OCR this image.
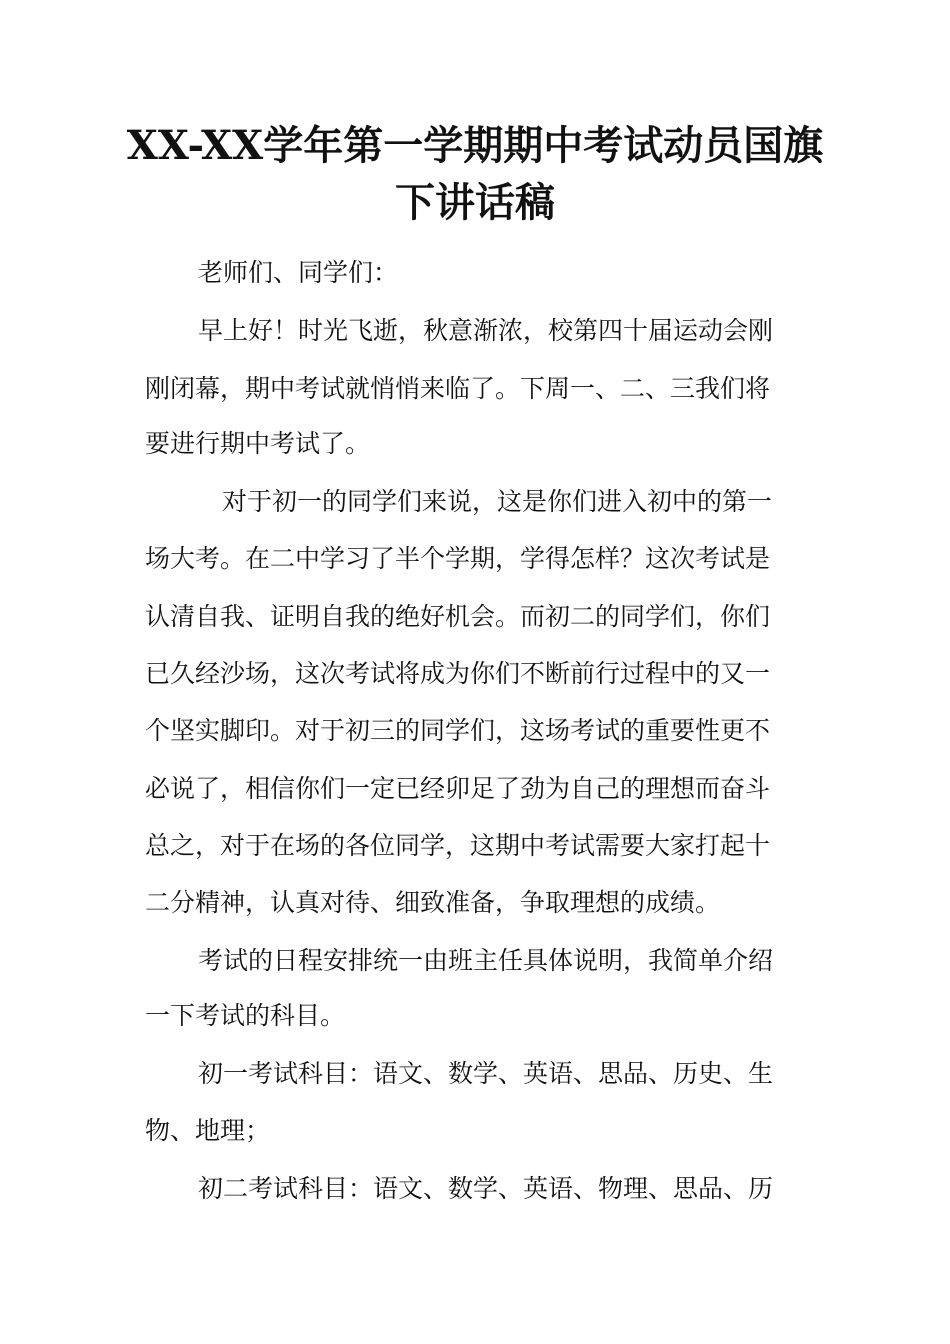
XX-XX学年第一学期期中考试动员国旗
下讲话稿

老师们、同学们：

早上好！时光飞逝，秋意渐浓，校第四十届运动会刚

刚闭幕，期中考试就悄悄来临了。下周一、二、三我们将

要进行期中考试了。

对于初一的同学们来说，这是你们进入初中的第一

场大考。在二中学习了半个学期，学得怎样？这次考试是

认清自我、证明自我的绝好机会。而初二的同学们，你们

已久经沙场，这次考试将成为你们不断前行过程中的又一

个坚实脚印。对于初三的同学们，这场考试的重要性更不

必说了，相信你们一定已经卯足了劲为自己的理想而奋斗

总之，对于在场的各位同学，这期中考试需要大家打起十

二分精神，认真对待、细致准备，争取理想的成绩。

考试的日程安排统一由班主任具体说明，我简单介绍

一下考试的科目。

初一考试科目：语文、数学、英语、思品、历史、生

物、地理；

初二考试科目：语文、数学、英语、物理、思品、历
